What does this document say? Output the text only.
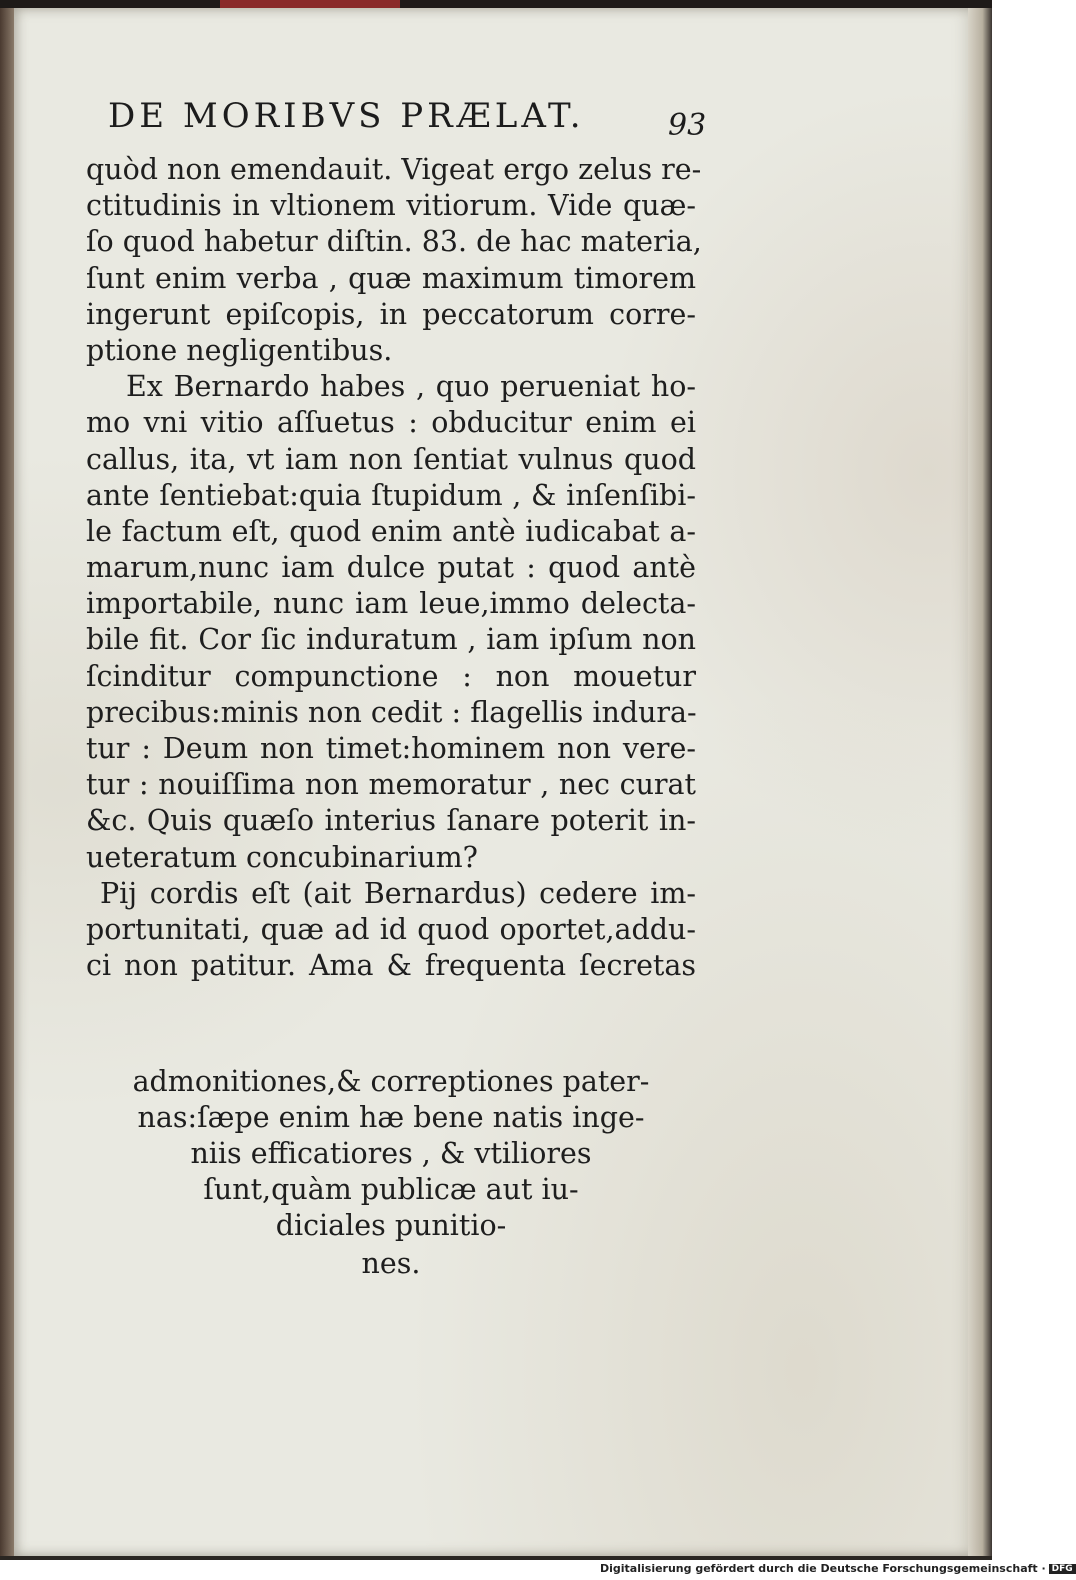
DE MORIBVS PRÆLAT.	93
quòd non emendauit. Vigeat ergo zelus re-
ctitudinis in vltionem vitiorum. Vide quæ-
ſo quod habetur diſtin. 83. de hac materia,
ſunt enim verba , quæ maximum timorem
ingerunt epiſcopis, in peccatorum corre-
ptione negligentibus.
Ex Bernardo habes , quo perueniat ho-
mo vni vitio aſſuetus : obducitur enim ei
callus, ita, vt iam non ſentiat vulnus quod
ante ſentiebat:quia ſtupidum , & inſenſibi-
le factum eſt, quod enim antè iudicabat a-
marum,nunc iam dulce putat : quod antè
importabile, nunc iam leue,immo delecta-
bile fit. Cor ſic induratum , iam ipſum non
ſcinditur compunctione : non mouetur
precibus:minis non cedit : flagellis indura-
tur : Deum non timet:hominem non vere-
tur : nouiſſima non memoratur , nec curat
&c. Quis quæſo interius ſanare poterit in-
ueteratum concubinarium?
Pij cordis eſt (ait Bernardus) cedere im-
portunitati, quæ ad id quod oportet,addu-
ci non patitur. Ama & frequenta ſecretas
admonitiones,& correptiones pater-
nas:ſæpe enim hæ bene natis inge-
niis efficatiores , & vtiliores
ſunt,quàm publicæ aut iu-
diciales punitio-
nes.
Digitalisierung gefördert durch die Deutsche Forschungsgemeinschaft · DFG
